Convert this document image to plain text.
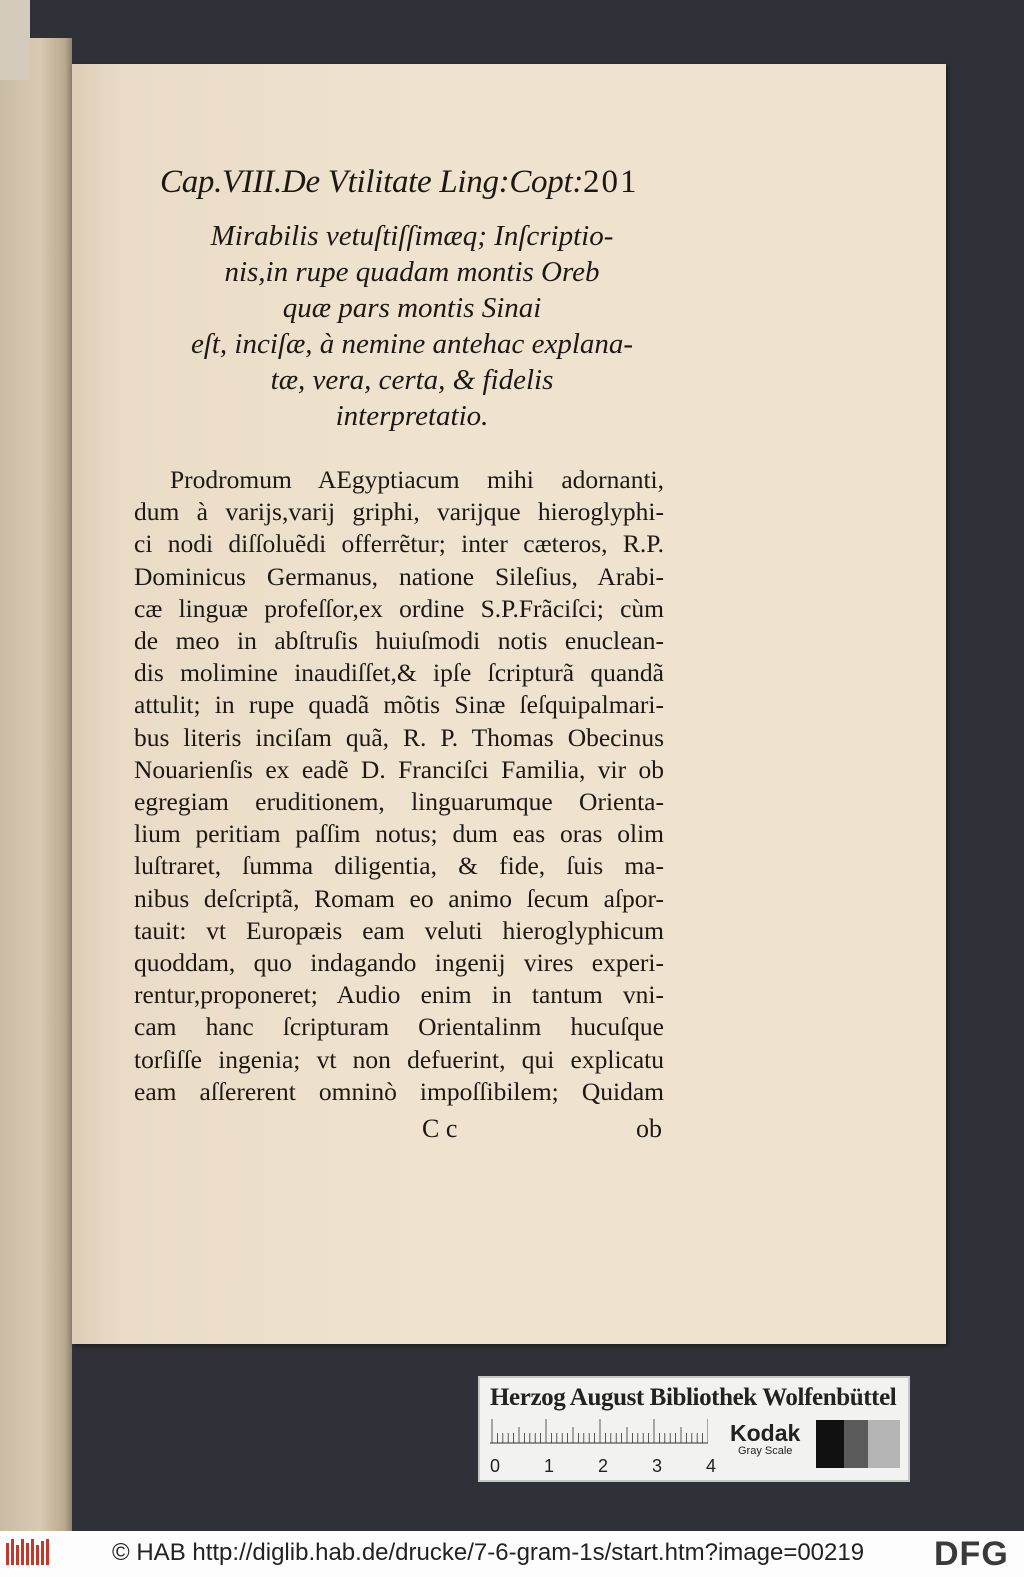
Cap.VIII.De Vtilitate Ling:Copt:201
Mirabilis vetuſtiſſimæq; Inſcriptio-
nis,in rupe quadam montis Oreb
quæ pars montis Sinai
eſt, inciſæ, à nemine antehac explana-
tæ, vera, certa, & fidelis
interpretatio.
Prodromum AEgyptiacum mihi adornanti,
dum à varijs,varij griphi, varijque hieroglyphi-
ci nodi diſſoluẽdi offerrẽtur; inter cæteros, R.P.
Dominicus Germanus, natione Sileſius, Arabi-
cæ linguæ profeſſor,ex ordine S.P.Frãciſci; cùm
de meo in abſtruſis huiuſmodi notis enuclean-
dis molimine inaudiſſet,& ipſe ſcripturã quandã
attulit; in rupe quadã mõtis Sinæ ſeſquipalmari-
bus literis inciſam quã, R. P. Thomas Obecinus
Nouarienſis ex eadẽ D. Franciſci Familia, vir ob
egregiam eruditionem, linguarumque Orienta-
lium peritiam paſſim notus; dum eas oras olim
luſtraret, ſumma diligentia, & fide, ſuis ma-
nibus deſcriptã, Romam eo animo ſecum aſpor-
tauit: vt Europæis eam veluti hieroglyphicum
quoddam, quo indagando ingenij vires experi-
rentur,proponeret; Audio enim in tantum vni-
cam hanc ſcripturam Orientalinm hucuſque
torſiſſe ingenia; vt non defuerint, qui explicatu
eam aſſererent omninò impoſſibilem; Quidam
C c	ob
Herzog August Bibliothek Wolfenbüttel
0 1 2 3 4
Kodak
Gray Scale
© HAB http://diglib.hab.de/drucke/7-6-gram-1s/start.htm?image=00219 DFG
